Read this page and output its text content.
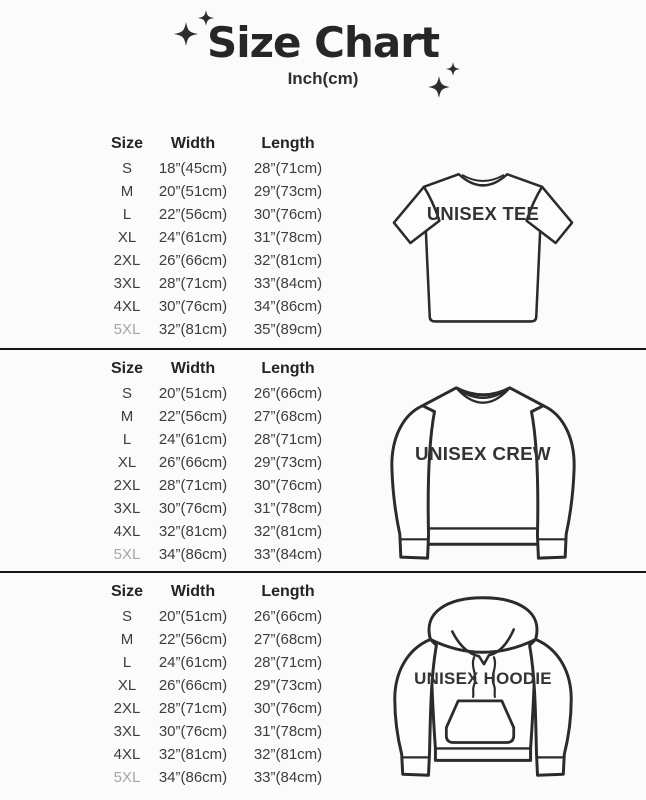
Size Chart
Inch(cm)
Size	Width	Length
S	18”(45cm)	28”(71cm)
M	20”(51cm)	29”(73cm)
L	22”(56cm)	30”(76cm)
XL	24”(61cm)	31”(78cm)
2XL	26”(66cm)	32”(81cm)
3XL	28”(71cm)	33”(84cm)
4XL	30”(76cm)	34”(86cm)
5XL	32”(81cm)	35”(89cm)
UNISEX TEE
Size	Width	Length
S	20”(51cm)	26”(66cm)
M	22”(56cm)	27”(68cm)
L	24”(61cm)	28”(71cm)
XL	26”(66cm)	29”(73cm)
2XL	28”(71cm)	30”(76cm)
3XL	30”(76cm)	31”(78cm)
4XL	32”(81cm)	32”(81cm)
5XL	34”(86cm)	33”(84cm)
UNISEX CREW
Size	Width	Length
S	20”(51cm)	26”(66cm)
M	22”(56cm)	27”(68cm)
L	24”(61cm)	28”(71cm)
XL	26”(66cm)	29”(73cm)
2XL	28”(71cm)	30”(76cm)
3XL	30”(76cm)	31”(78cm)
4XL	32”(81cm)	32”(81cm)
5XL	34”(86cm)	33”(84cm)
UNISEX HOODIE
